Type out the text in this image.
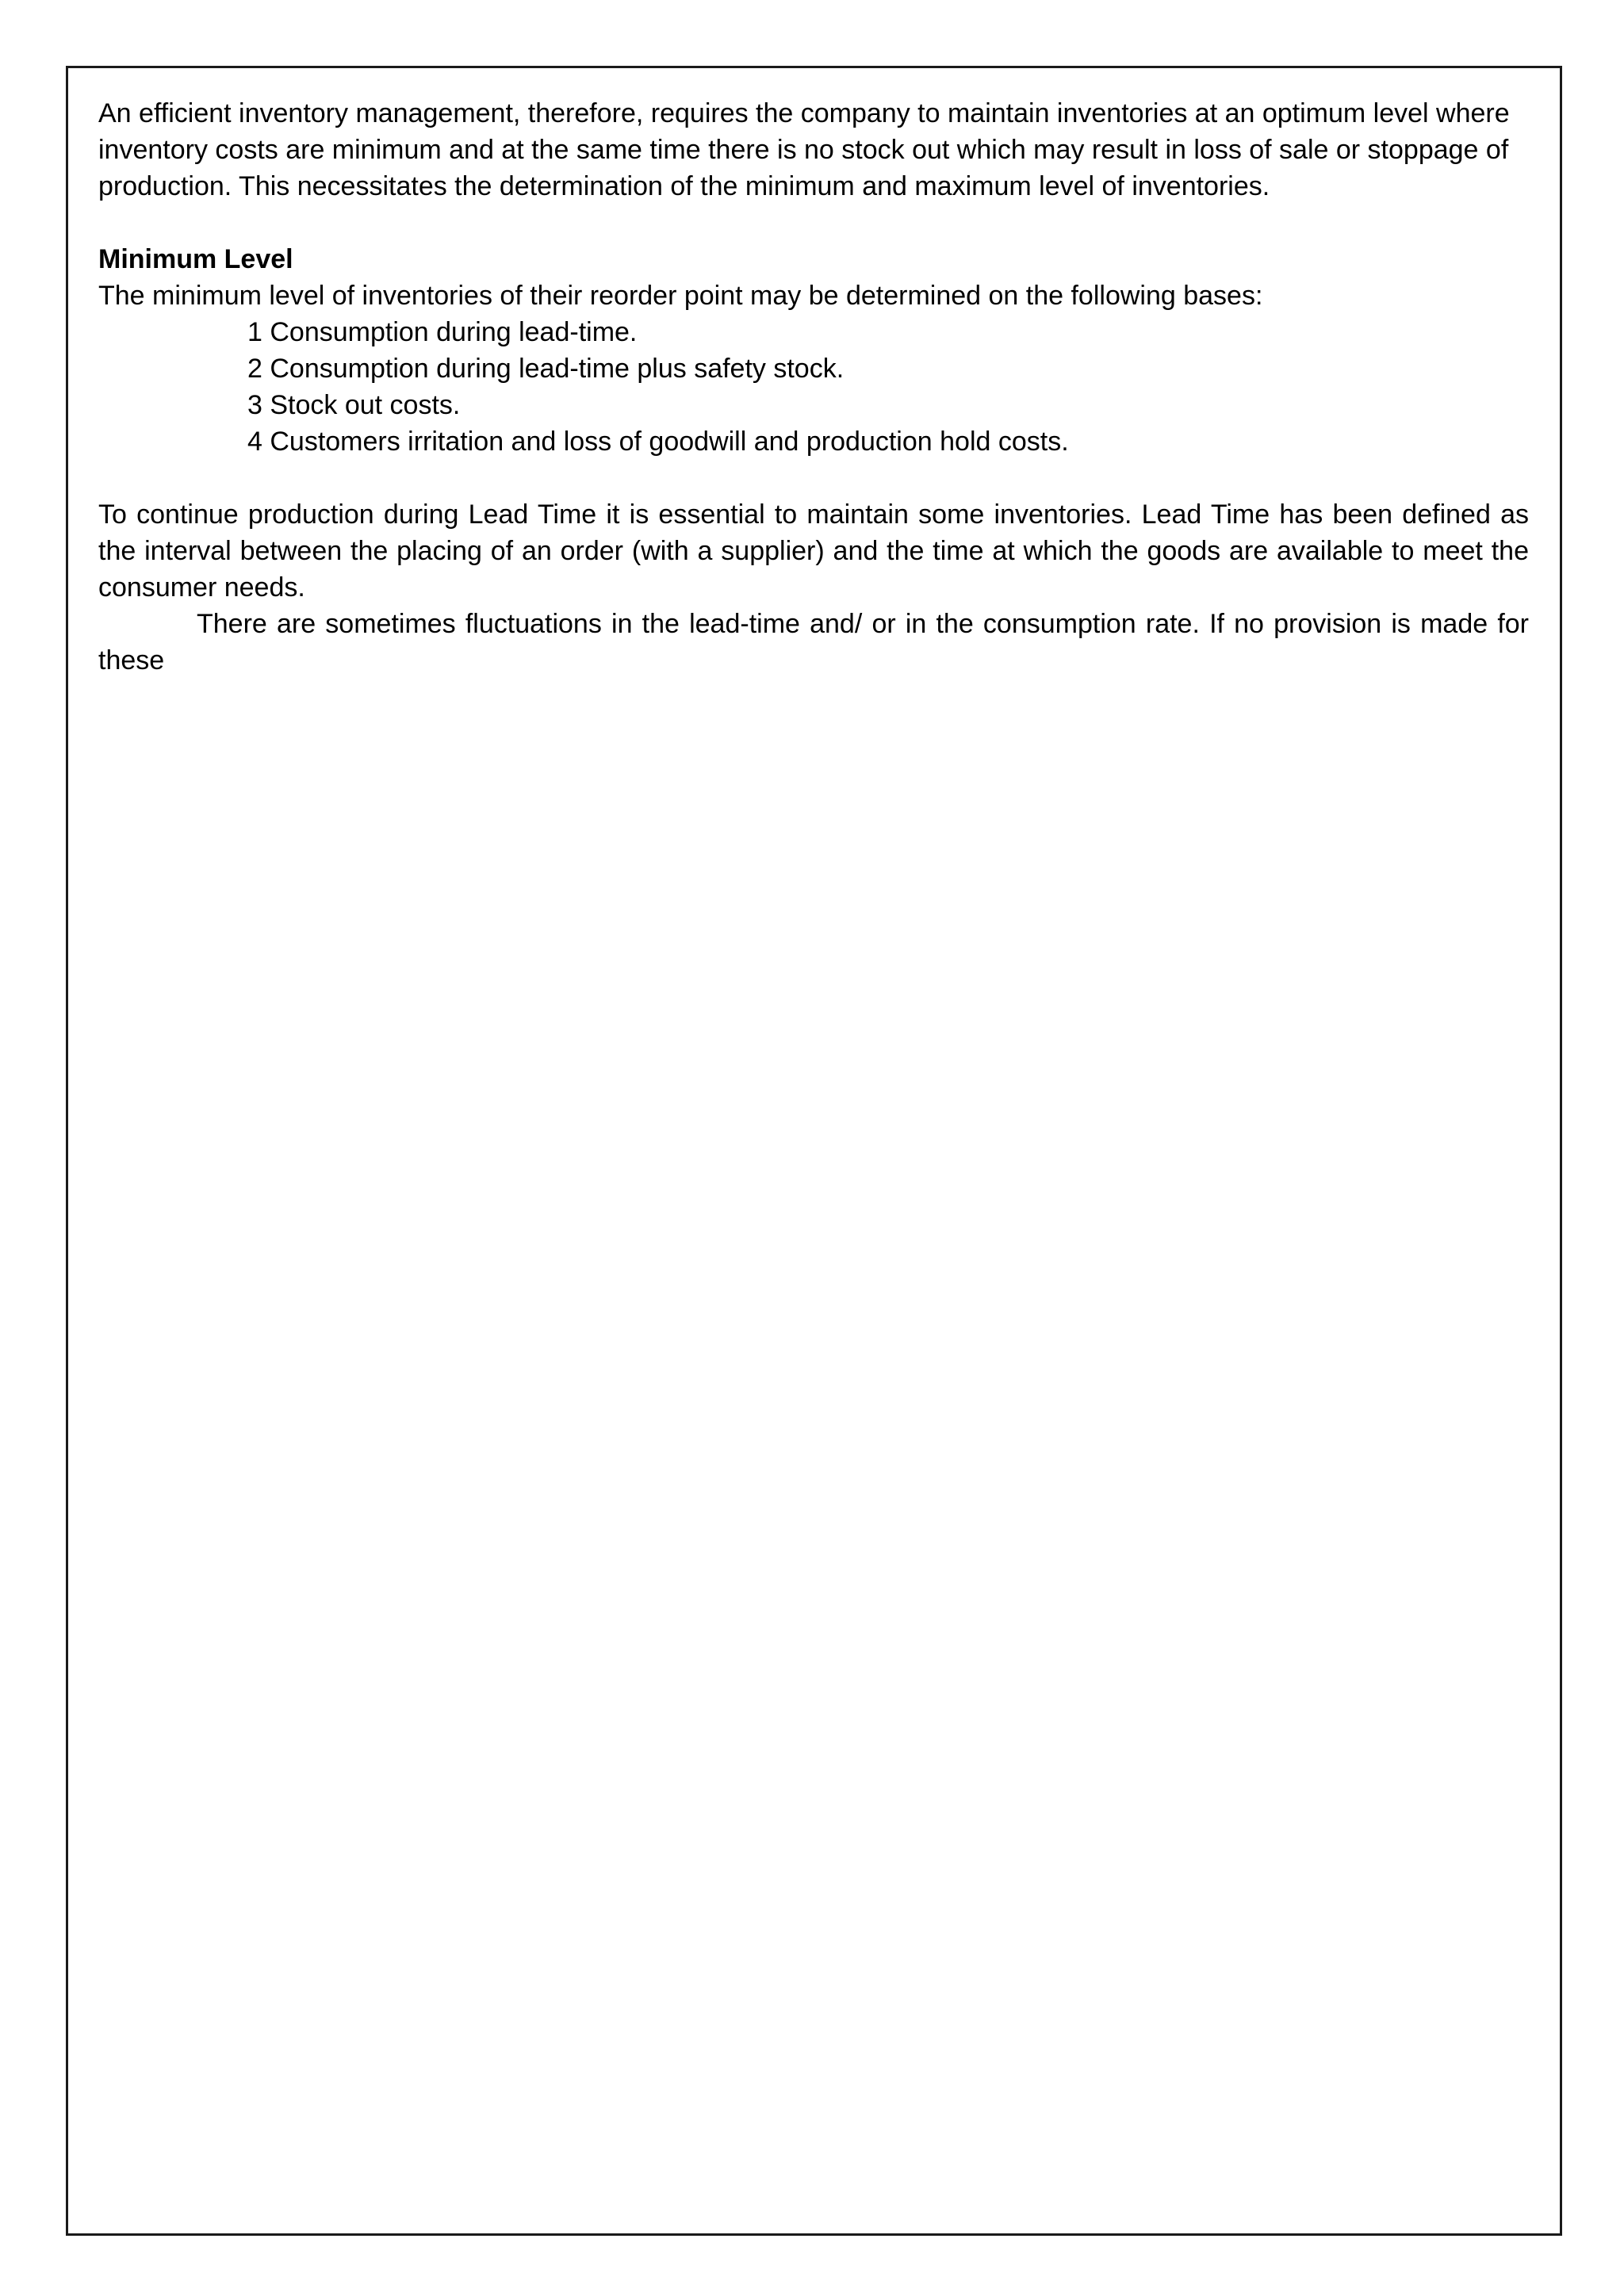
An efficient inventory management, therefore, requires the company to maintain inventories at an optimum level where inventory costs are minimum and at the same time there is no stock out which may result in loss of sale or stoppage of production. This necessitates the determination of the minimum and maximum level of inventories.

Minimum Level

The minimum level of inventories of their reorder point may be determined on the following bases:

1 Consumption during lead-time.
2 Consumption during lead-time plus safety stock.
3 Stock out costs.
4 Customers irritation and loss of goodwill and production hold costs.

To continue production during Lead Time it is essential to maintain some inventories. Lead Time has been defined as the interval between the placing of an order (with a supplier) and the time at which the goods are available to meet the consumer needs.

There are sometimes fluctuations in the lead-time and/ or in the consumption rate. If no provision is made for these
